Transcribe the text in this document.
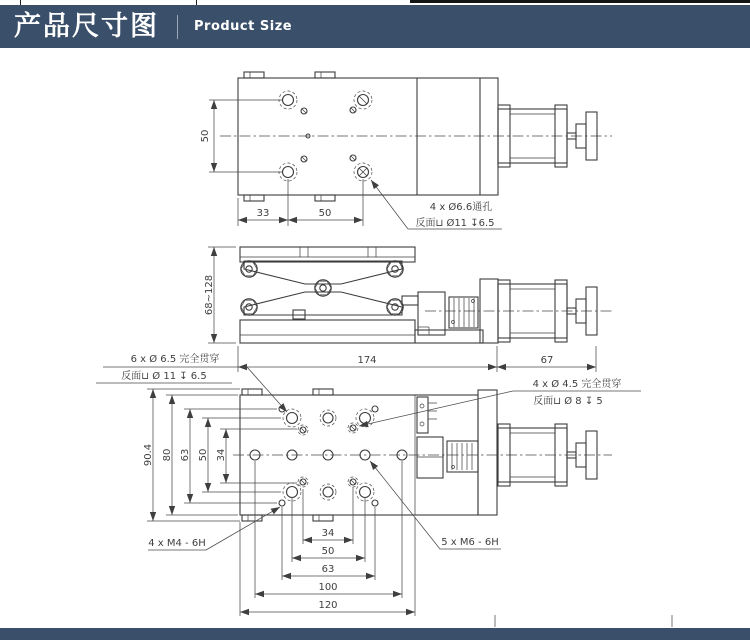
产品尺寸图	Product Size
50
33	50
4 x Ø6.6通孔
反面⊔ Ø11 ↧6.5
68~128
174	67
90.4 80 63 50 34
34
50
63
100
120
6 x Ø 6.5 完全贯穿
反面⊔ Ø 11 ↧ 6.5
4 x Ø 4.5 完全贯穿
反面⊔ Ø 8 ↧ 5
4 x M4 - 6H	5 x M6 - 6H
